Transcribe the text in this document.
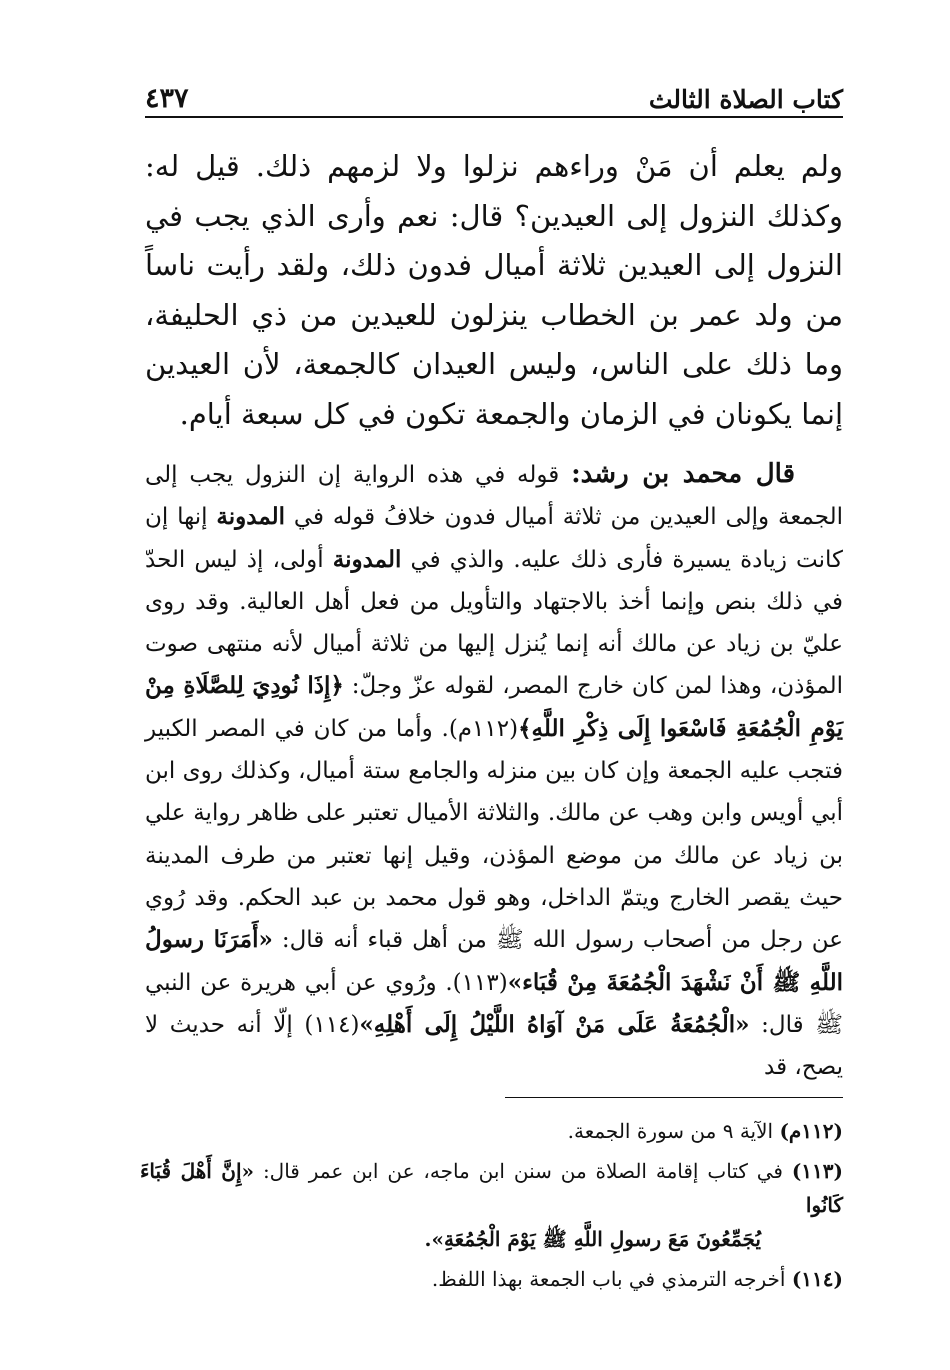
كتاب الصلاة الثالث
٤٣٧

ولم يعلم أن مَنْ وراءهم نزلوا ولا لزمهم ذلك. قيل له: وكذلك النزول إلى العيدين؟ قال: نعم وأرى الذي يجب في النزول إلى العيدين ثلاثة أميال فدون ذلك، ولقد رأيت ناساً من ولد عمر بن الخطاب ينزلون للعيدين من ذي الحليفة، وما ذلك على الناس، وليس العيدان كالجمعة، لأن العيدين إنما يكونان في الزمان والجمعة تكون في كل سبعة أيام.

قال محمد بن رشد: قوله في هذه الرواية إن النزول يجب إلى الجمعة وإلى العيدين من ثلاثة أميال فدون خلافُ قوله في المدونة إنها إن كانت زيادة يسيرة فأرى ذلك عليه. والذي في المدونة أولى، إذ ليس الحدّ في ذلك بنص وإنما أخذ بالاجتهاد والتأويل من فعل أهل العالية. وقد روى عليّ بن زياد عن مالك أنه إنما يُنزل إليها من ثلاثة أميال لأنه منتهى صوت المؤذن، وهذا لمن كان خارج المصر، لقوله عزّ وجلّ: ﴿إِذَا نُودِيَ لِلصَّلَاةِ مِنْ يَوْمِ الْجُمُعَةِ فَاسْعَوا إِلَى ذِكْرِ اللَّهِ﴾(١١٢م). وأما من كان في المصر الكبير فتجب عليه الجمعة وإن كان بين منزله والجامع ستة أميال، وكذلك روى ابن أبي أويس وابن وهب عن مالك. والثلاثة الأميال تعتبر على ظاهر رواية علي بن زياد عن مالك من موضع المؤذن، وقيل إنها تعتبر من طرف المدينة حيث يقصر الخارج ويتمّ الداخل، وهو قول محمد بن عبد الحكم. وقد رُوي عن رجل من أصحاب رسول الله ﷺ من أهل قباء أنه قال: «أَمَرَنَا رسولُ اللَّهِ ﷺ أَنْ نَشْهَدَ الْجُمُعَةَ مِنْ قُبَاء»(١١٣). ورُوي عن أبي هريرة عن النبي ﷺ قال: «الْجُمُعَةُ عَلَى مَنْ آوَاهُ اللَّيْلُ إِلَى أَهْلِهِ»(١١٤) إلّا أنه حديث لا يصح، قد

(١١٢م) الآية ٩ من سورة الجمعة.

(١١٣) في كتاب إقامة الصلاة من سنن ابن ماجه، عن ابن عمر قال: «إِنَّ أَهْلَ قُبَاءَ كَانُوا
يُجَمِّعُونَ مَعَ رسولِ اللَّهِ ﷺ يَوْمَ الْجُمُعَةِ».

(١١٤) أخرجه الترمذي في باب الجمعة بهذا اللفظ.
